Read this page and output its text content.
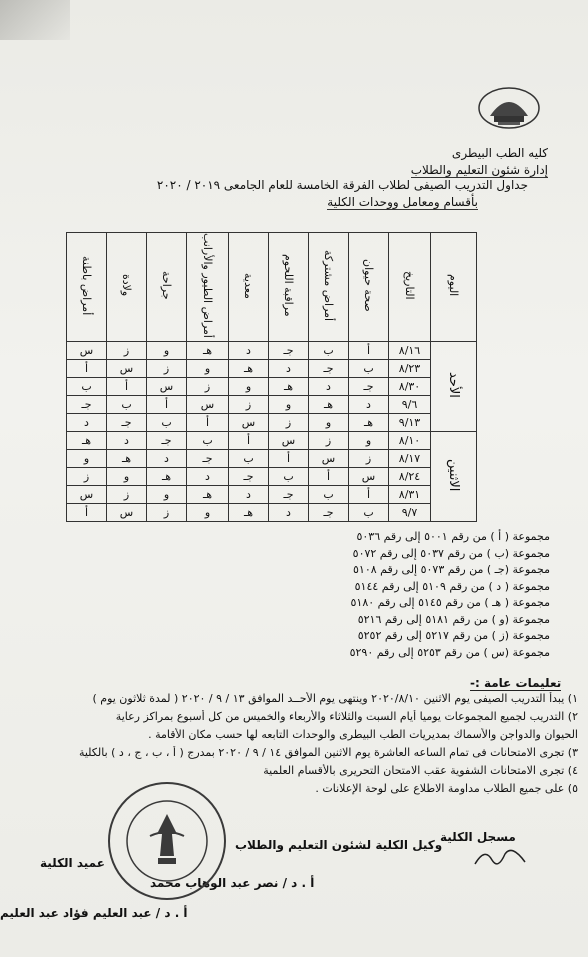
كليه الطب البيطرى
إدارة شئون التعليم والطلاب
جداول التدريب الصيفى لطلاب الفرقة الخامسة للعام الجامعى ٢٠١٩ / ٢٠٢٠
بأقسام ومعامل ووحدات الكلية
اليوم	التاريخ	صحة حيوان	أمراض مشتركة	مراقبة اللحوم	معدية	أمراض الطيور والأرانب	جراحة	ولادة	أمراض باطنة
الأحد	٨/١٦	أ	ب	جـ	د	هـ	و	ز	س
	٨/٢٣	ب	جـ	د	هـ	و	ز	س	أ
	٨/٣٠	جـ	د	هـ	و	ز	س	أ	ب
	٩/٦	د	هـ	و	ز	س	أ	ب	جـ
	٩/١٣	هـ	و	ز	س	أ	ب	جـ	د
الاثنين	٨/١٠	و	ز	س	أ	ب	جـ	د	هـ
	٨/١٧	ز	س	أ	ب	جـ	د	هـ	و
	٨/٢٤	س	أ	ب	جـ	د	هـ	و	ز
	٨/٣١	أ	ب	جـ	د	هـ	و	ز	س
	٩/٧	ب	جـ	د	هـ	و	ز	س	أ
مجموعة ( أ ) من رقم ٥٠٠١ إلى رقم ٥٠٣٦
مجموعة (ب ) من رقم ٥٠٣٧ إلى رقم ٥٠٧٢
مجموعة (جـ ) من رقم ٥٠٧٣ إلى رقم ٥١٠٨
مجموعة ( د ) من رقم ٥١٠٩ إلى رقم ٥١٤٤
مجموعة ( هـ ) من رقم ٥١٤٥ إلى رقم ٥١٨٠
مجموعة (و ) من رقم ٥١٨١ إلى رقم ٥٢١٦
مجموعة (ز ) من رقم ٥٢١٧ إلى رقم ٥٢٥٢
مجموعة (س ) من رقم ٥٢٥٣ إلى رقم ٥٢٩٠
تعليمات عامة :-
١) يبدأ التدريب الصيفى يوم الاثنين ٢٠٢٠/٨/١٠ وينتهى يوم الأحــد الموافق ١٣ / ٩ / ٢٠٢٠ ( لمدة ثلاثون يوم )
٢) التدريب لجميع المجموعات يوميا أيام السبت والثلاثاء والأربعاء والخميس من كل أسبوع بمراكز رعاية
الحيوان والدواجن والأسماك بمديريات الطب البيطرى والوحدات التابعه لها حسب مكان الأقامة .
٣) تجرى الامتحانات فى تمام الساعه العاشرة يوم الاثنين الموافق ١٤ / ٩ / ٢٠٢٠ بمدرج ( أ ، ب ، ج ، د ) بالكلية
٤) تجرى الامتحانات الشفوية عقب الامتحان التحريرى بالأقسام العلمية
٥) على جميع الطلاب مداومة الاطلاع على لوحة الإعلانات .
مسجل الكلية
وكيل الكلية لشئون التعليم والطلاب
أ . د / نصر عبد الوهاب محمد
عميد الكلية
أ . د / عبد العليم فؤاد عبد العليم
